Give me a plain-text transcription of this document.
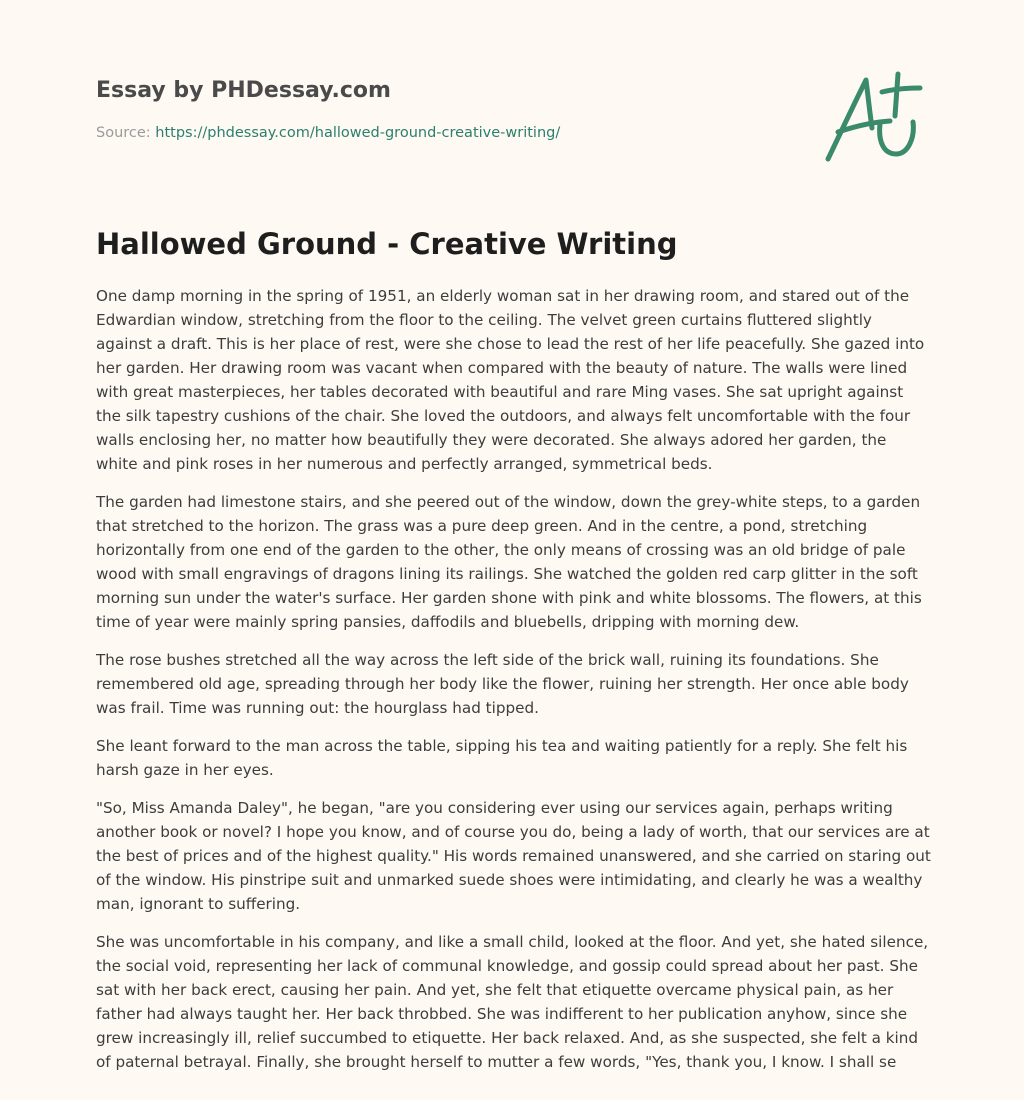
Essay by PHDessay.com
Source: https://phdessay.com/hallowed-ground-creative-writing/
Hallowed Ground - Creative Writing

One damp morning in the spring of 1951, an elderly woman sat in her drawing room, and stared out of the Edwardian window, stretching from the floor to the ceiling. The velvet green curtains fluttered slightly against a draft. This is her place of rest, were she chose to lead the rest of her life peacefully. She gazed into her garden. Her drawing room was vacant when compared with the beauty of nature. The walls were lined with great masterpieces, her tables decorated with beautiful and rare Ming vases. She sat upright against the silk tapestry cushions of the chair. She loved the outdoors, and always felt uncomfortable with the four walls enclosing her, no matter how beautifully they were decorated. She always adored her garden, the white and pink roses in her numerous and perfectly arranged, symmetrical beds.

The garden had limestone stairs, and she peered out of the window, down the grey-white steps, to a garden that stretched to the horizon. The grass was a pure deep green. And in the centre, a pond, stretching horizontally from one end of the garden to the other, the only means of crossing was an old bridge of pale wood with small engravings of dragons lining its railings. She watched the golden red carp glitter in the soft morning sun under the water's surface. Her garden shone with pink and white blossoms. The flowers, at this time of year were mainly spring pansies, daffodils and bluebells, dripping with morning dew.

The rose bushes stretched all the way across the left side of the brick wall, ruining its foundations. She remembered old age, spreading through her body like the flower, ruining her strength. Her once able body was frail. Time was running out: the hourglass had tipped.

She leant forward to the man across the table, sipping his tea and waiting patiently for a reply. She felt his harsh gaze in her eyes.

"So, Miss Amanda Daley", he began, "are you considering ever using our services again, perhaps writing another book or novel? I hope you know, and of course you do, being a lady of worth, that our services are at the best of prices and of the highest quality." His words remained unanswered, and she carried on staring out of the window. His pinstripe suit and unmarked suede shoes were intimidating, and clearly he was a wealthy man, ignorant to suffering.

She was uncomfortable in his company, and like a small child, looked at the floor. And yet, she hated silence, the social void, representing her lack of communal knowledge, and gossip could spread about her past. She sat with her back erect, causing her pain. And yet, she felt that etiquette overcame physical pain, as her father had always taught her. Her back throbbed. She was indifferent to her publication anyhow, since she grew increasingly ill, relief succumbed to etiquette. Her back relaxed. And, as she suspected, she felt a kind of paternal betrayal. Finally, she brought herself to mutter a few words, "Yes, thank you, I know. I shall se
